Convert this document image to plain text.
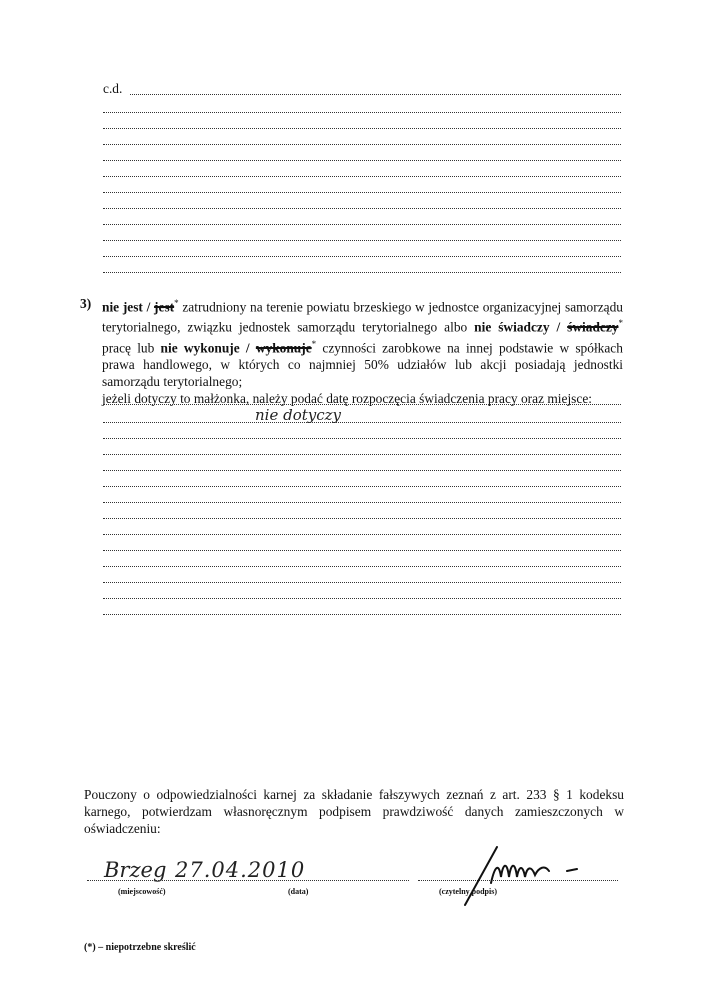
c.d.
3) nie jest / jest* zatrudniony na terenie powiatu brzeskiego w jednostce organizacyjnej samorządu terytorialnego, związku jednostek samorządu terytorialnego albo nie świadczy / świadczy* pracę lub nie wykonuje / wykonuje* czynności zarobkowe na innej podstawie w spółkach prawa handlowego, w których co najmniej 50% udziałów lub akcji posiadają jednostki samorządu terytorialnego;
jeżeli dotyczy to małżonka, należy podać datę rozpoczęcia świadczenia pracy oraz miejsce:
nie dotyczy
Pouczony o odpowiedzialności karnej za składanie fałszywych zeznań z art. 233 § 1 kodeksu karnego, potwierdzam własnoręcznym podpisem prawdziwość danych zamieszczonych w oświadczeniu:
Brzeg 27.04.2010
(miejscowość)	(data)	(czytelny podpis)
(*) – niepotrzebne skreślić
